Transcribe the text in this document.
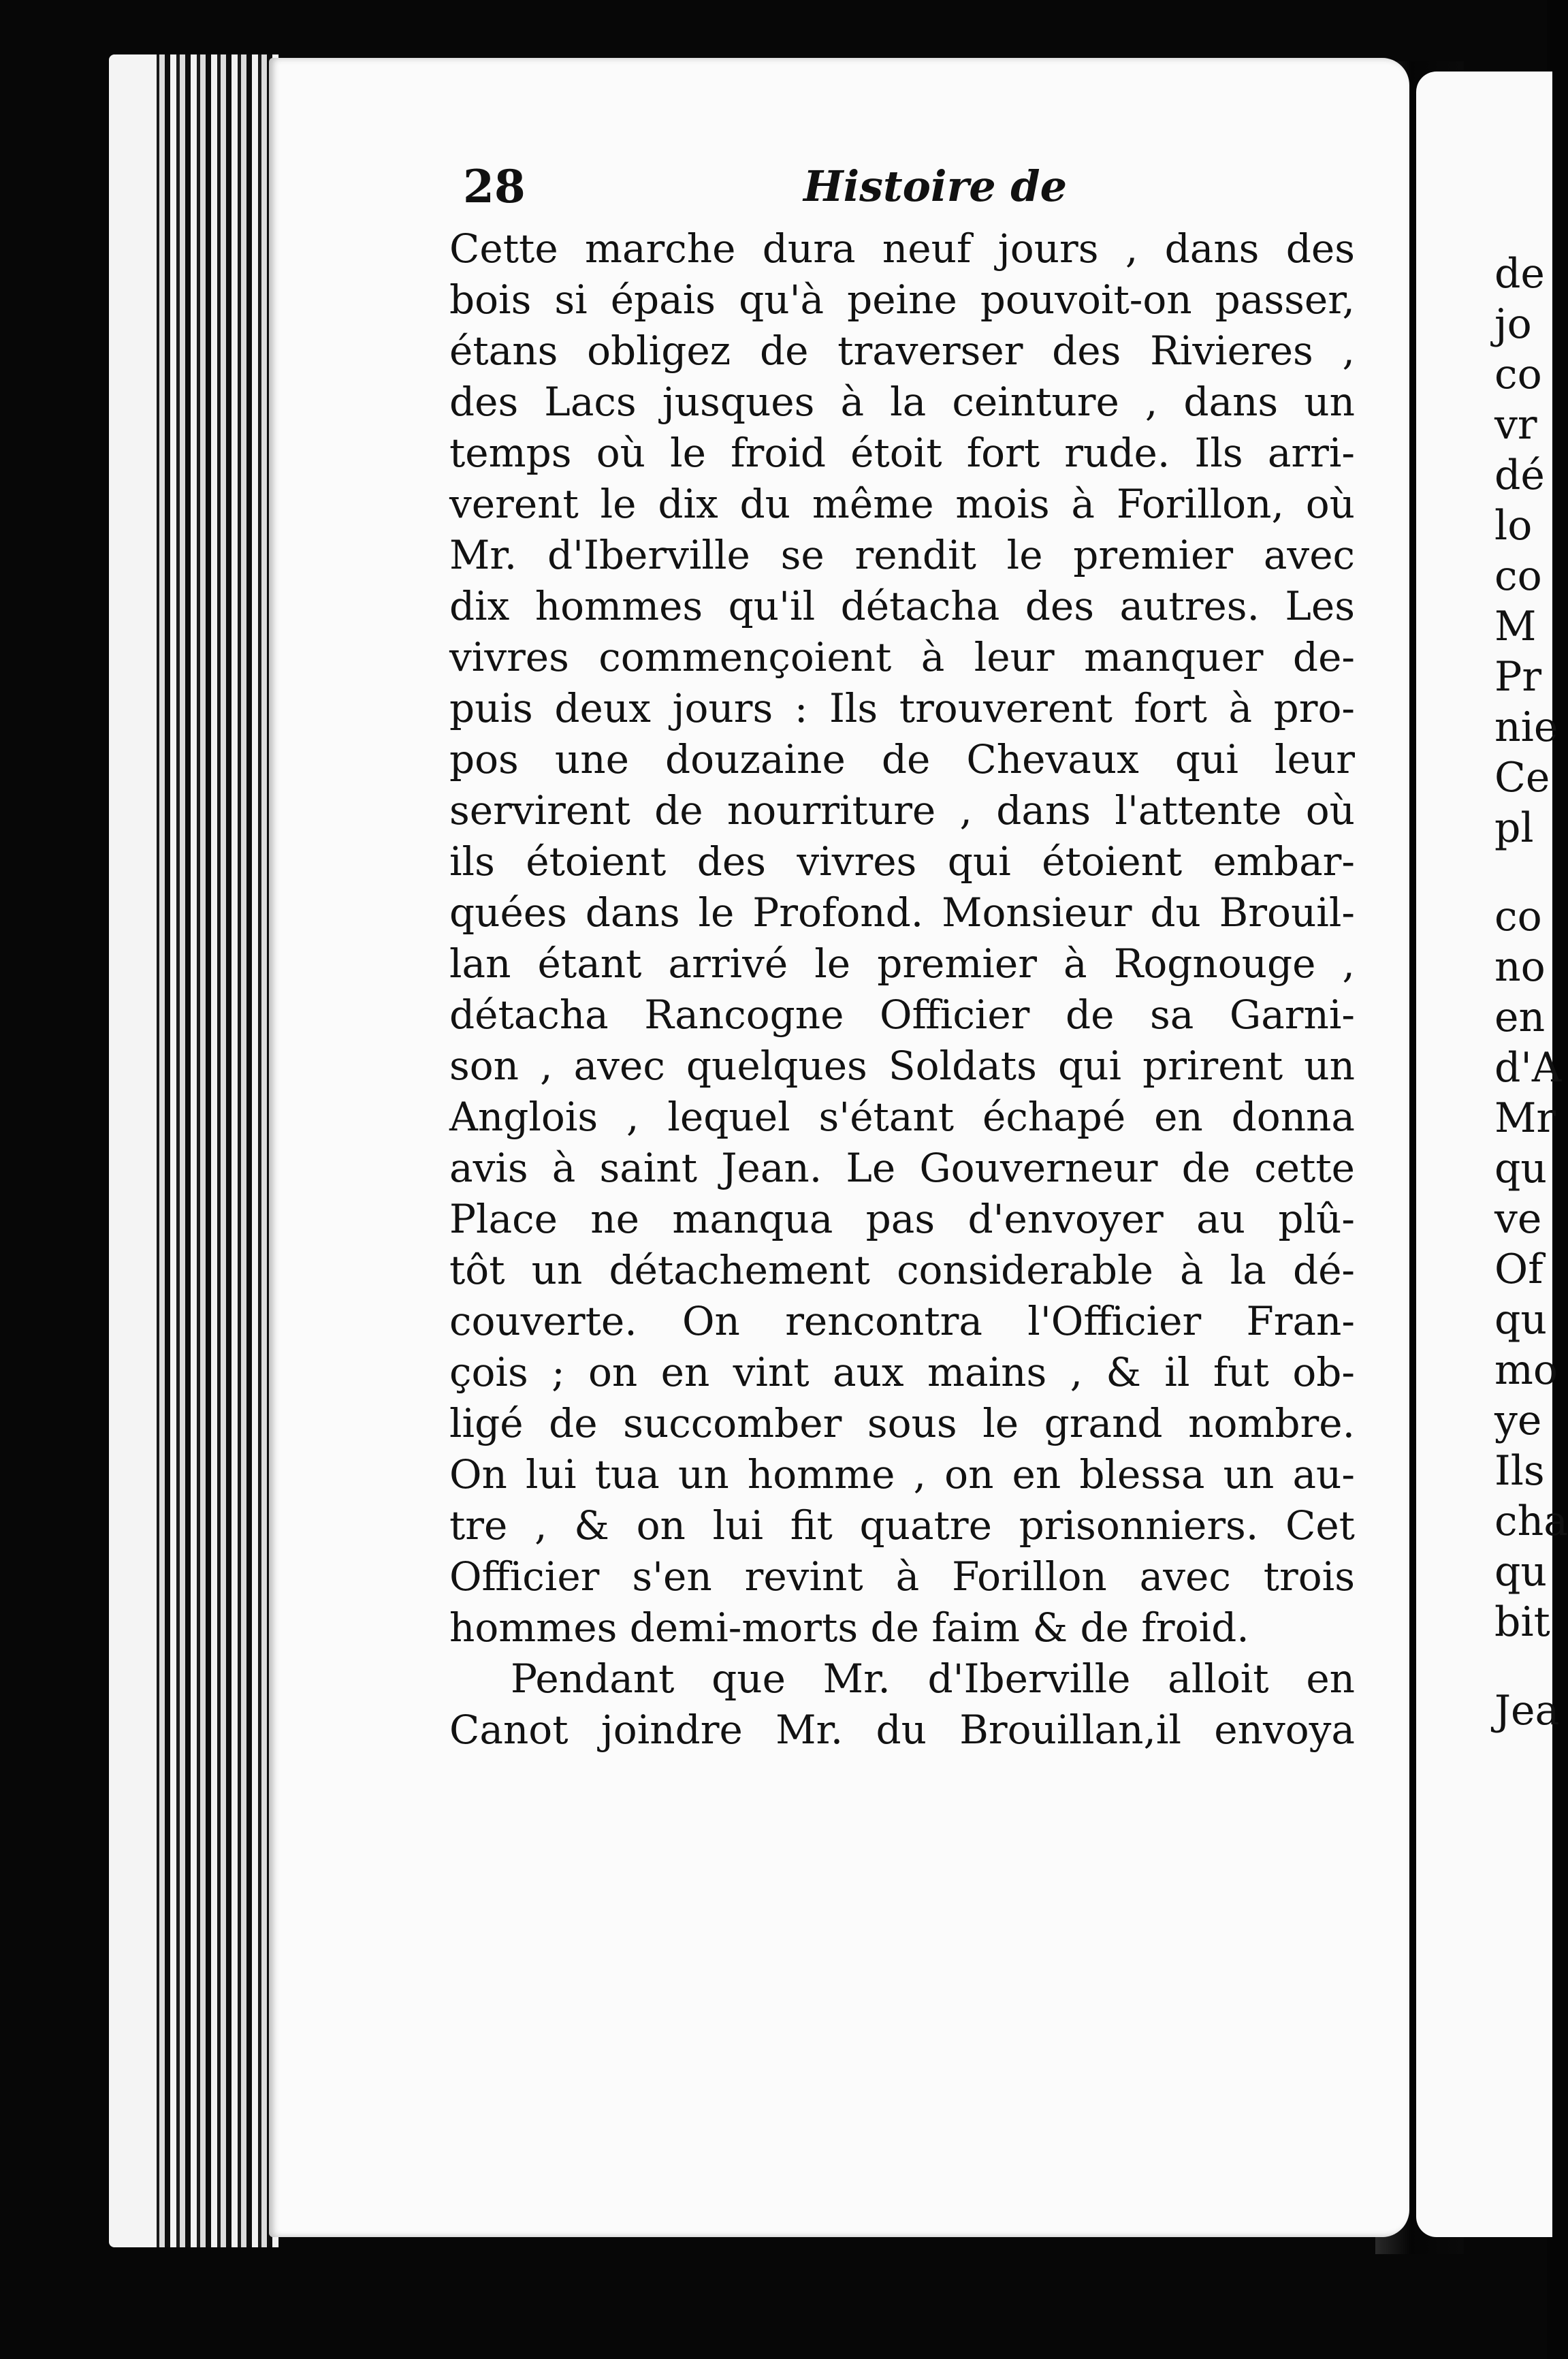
28	Histoire de
Cette marche dura neuf jours , dans des
bois si épais qu'à peine pouvoit-on passer,
étans obligez de traverser des Rivieres ,
des Lacs jusques à la ceinture , dans un
temps où le froid étoit fort rude. Ils arri-
verent le dix du même mois à Forillon, où
Mr. d'Iberville se rendit le premier avec
dix hommes qu'il détacha des autres. Les
vivres commençoient à leur manquer de-
puis deux jours : Ils trouverent fort à pro-
pos une douzaine de Chevaux qui leur
servirent de nourriture , dans l'attente où
ils étoient des vivres qui étoient embar-
quées dans le Profond. Monsieur du Brouil-
lan étant arrivé le premier à Rognouge ,
détacha Rancogne Officier de sa Garni-
son , avec quelques Soldats qui prirent un
Anglois , lequel s'étant échapé en donna
avis à saint Jean. Le Gouverneur de cette
Place ne manqua pas d'envoyer au plû-
tôt un détachement considerable à la dé-
couverte. On rencontra l'Officier Fran-
çois ; on en vint aux mains , & il fut ob-
ligé de succomber sous le grand nombre.
On lui tua un homme , on en blessa un au-
tre , & on lui fit quatre prisonniers. Cet
Officier s'en revint à Forillon avec trois
hommes demi-morts de faim & de froid.
Pendant que Mr. d'Iberville alloit en
Canot joindre Mr. du Brouillan,il envoya
de
jo
co
vr
dé
lo
co
M
Pr
nie
Ce
pl
co
no
en
d'A
Mr
qu
ve
Of
qu
mo
ye
Ils
cha
qu
bit
Jea
